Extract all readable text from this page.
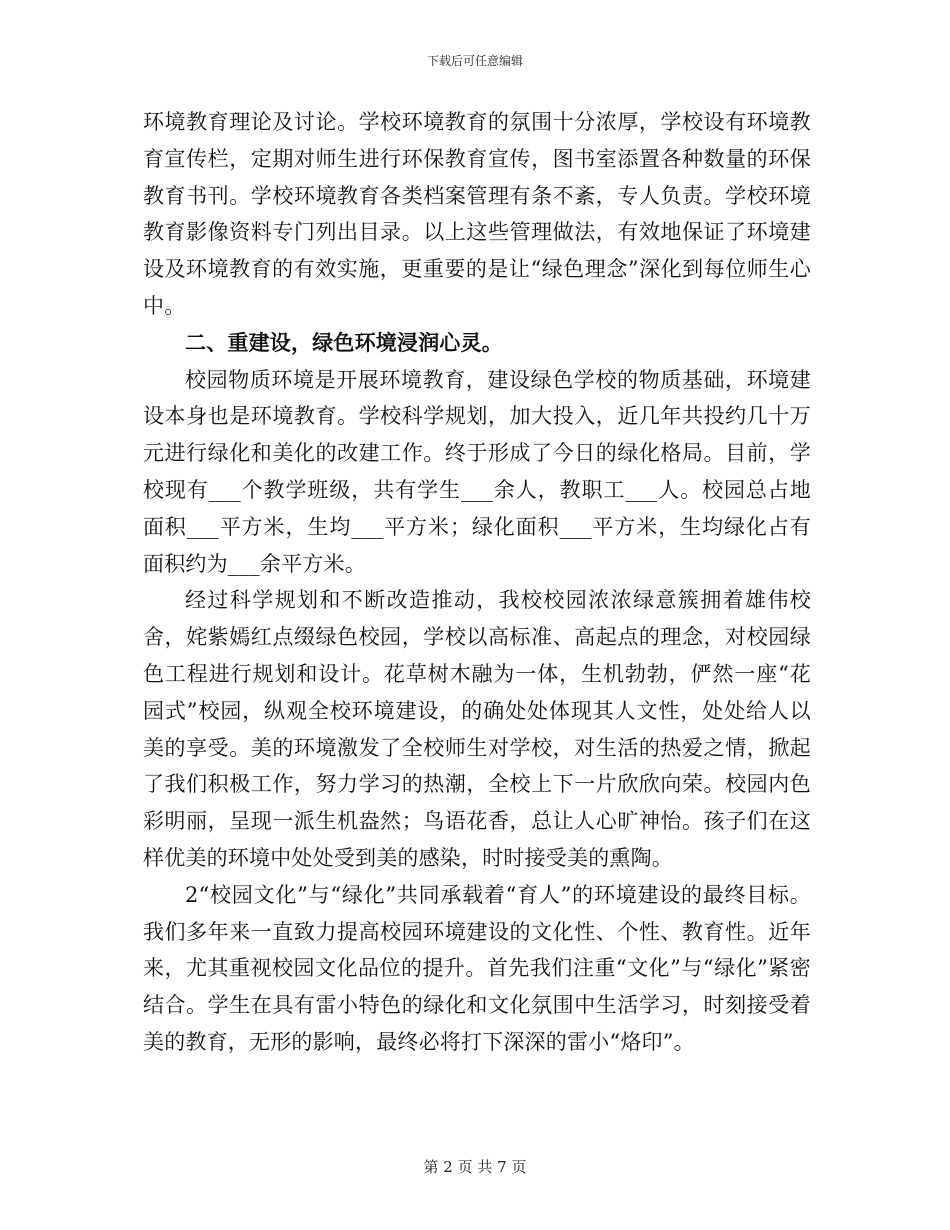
下载后可任意编辑

环境教育理论及讨论。学校环境教育的氛围十分浓厚，学校设有环境教育宣传栏，定期对师生进行环保教育宣传，图书室添置各种数量的环保教育书刊。学校环境教育各类档案管理有条不紊，专人负责。学校环境教育影像资料专门列出目录。以上这些管理做法，有效地保证了环境建设及环境教育的有效实施，更重要的是让“绿色理念”深化到每位师生心中。

二、重建设，绿色环境浸润心灵。

校园物质环境是开展环境教育，建设绿色学校的物质基础，环境建设本身也是环境教育。学校科学规划，加大投入，近几年共投约几十万元进行绿化和美化的改建工作。终于形成了今日的绿化格局。目前，学校现有___个教学班级，共有学生___余人，教职工___人。校园总占地面积___平方米，生均___平方米；绿化面积___平方米，生均绿化占有面积约为___余平方米。

经过科学规划和不断改造推动，我校校园浓浓绿意簇拥着雄伟校舍，姹紫嫣红点缀绿色校园，学校以高标准、高起点的理念，对校园绿色工程进行规划和设计。花草树木融为一体，生机勃勃，俨然一座“花园式”校园，纵观全校环境建设，的确处处体现其人文性，处处给人以美的享受。美的环境激发了全校师生对学校，对生活的热爱之情，掀起了我们积极工作，努力学习的热潮，全校上下一片欣欣向荣。校园内色彩明丽，呈现一派生机盎然；鸟语花香，总让人心旷神怡。孩子们在这样优美的环境中处处受到美的感染，时时接受美的熏陶。

2“校园文化”与“绿化”共同承载着“育人”的环境建设的最终目标。我们多年来一直致力提高校园环境建设的文化性、个性、教育性。近年来，尤其重视校园文化品位的提升。首先我们注重“文化”与“绿化”紧密结合。学生在具有雷小特色的绿化和文化氛围中生活学习，时刻接受着美的教育，无形的影响，最终必将打下深深的雷小“烙印”。

第 2 页 共 7 页
